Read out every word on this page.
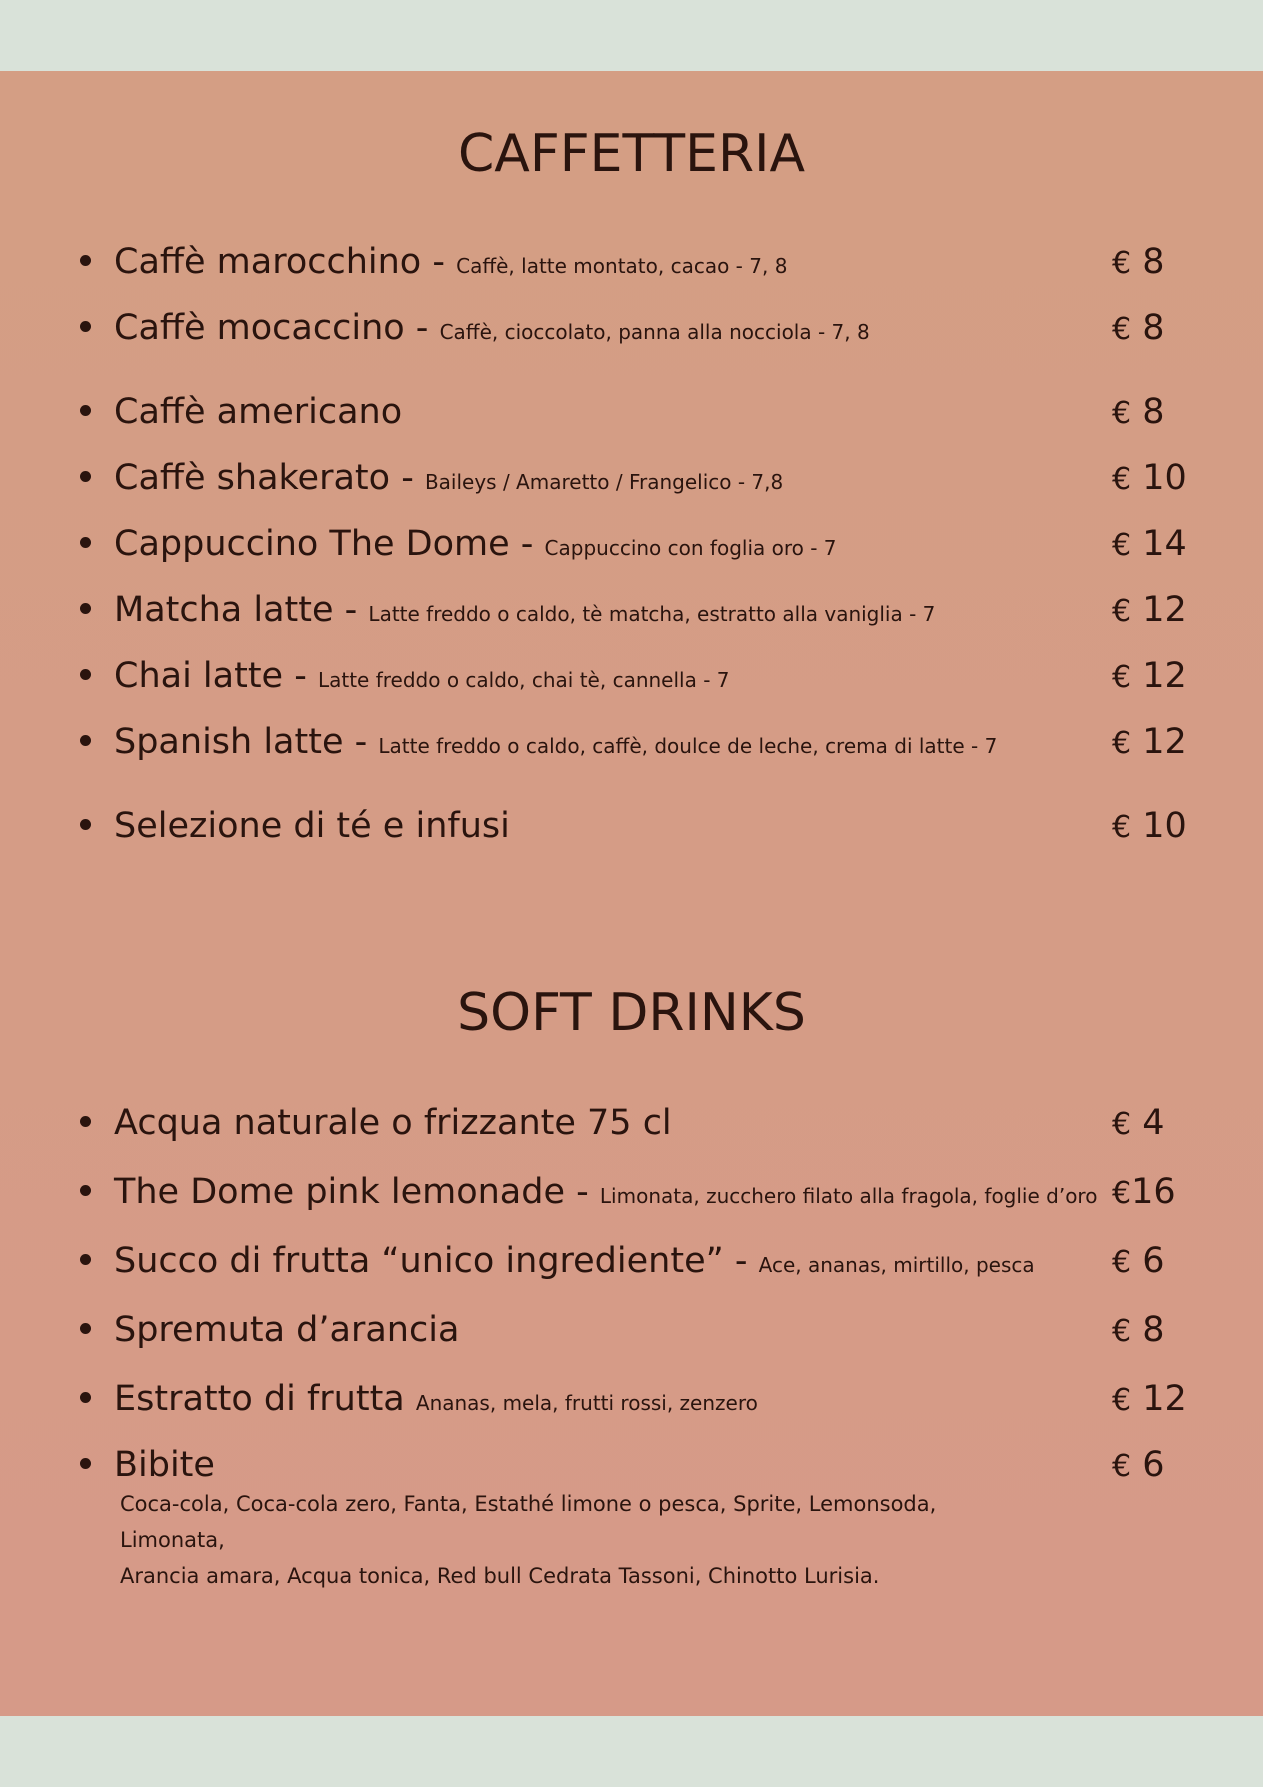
CAFFETTERIA
Caffè marocchino - Caffè, latte montato, cacao - 7, 8	€ 8
Caffè mocaccino - Caffè, cioccolato, panna alla nocciola - 7, 8	€ 8
Caffè americano	€ 8
Caffè shakerato - Baileys / Amaretto / Frangelico - 7,8	€ 10
Cappuccino The Dome - Cappuccino con foglia oro - 7	€ 14
Matcha latte - Latte freddo o caldo, tè matcha, estratto alla vaniglia - 7	€ 12
Chai latte - Latte freddo o caldo, chai tè, cannella - 7	€ 12
Spanish latte - Latte freddo o caldo, caffè, doulce de leche, crema di latte - 7	€ 12
Selezione di té e infusi	€ 10
SOFT DRINKS
Acqua naturale o frizzante 75 cl	€ 4
The Dome pink lemonade - Limonata, zucchero filato alla fragola, foglie d’oro €16
Succo di frutta “unico ingrediente” - Ace, ananas, mirtillo, pesca	€ 6
Spremuta d’arancia	€ 8
Estratto di frutta Ananas, mela, frutti rossi, zenzero	€ 12
Bibite	€ 6
Coca-cola, Coca-cola zero, Fanta, Estathé limone o pesca, Sprite, Lemonsoda, Limonata,
Arancia amara, Acqua tonica, Red bull Cedrata Tassoni, Chinotto Lurisia.
